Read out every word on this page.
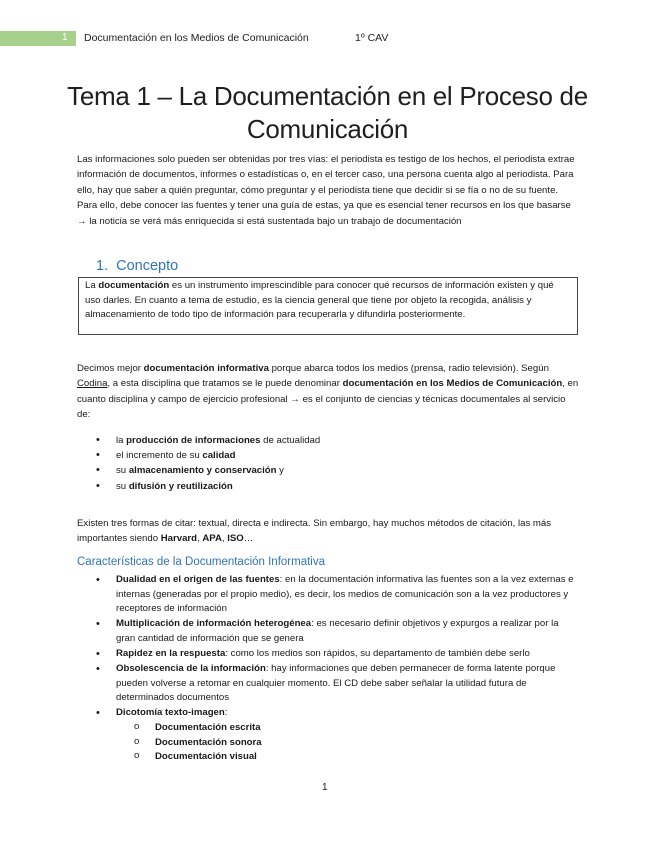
1 Documentación en los Medios de Comunicación	1º CAV
Tema 1 – La Documentación en el Proceso de Comunicación

Las informaciones solo pueden ser obtenidas por tres vías: el periodista es testigo de los hechos, el periodista extrae información de documentos, informes o estadísticas o, en el tercer caso, una persona cuenta algo al periodista. Para ello, hay que saber a quién preguntar, cómo preguntar y el periodista tiene que decidir si se fía o no de su fuente. Para ello, debe conocer las fuentes y tener una guía de estas, ya que es esencial tener recursos en los que basarse → la noticia se verá más enriquecida si está sustentada bajo un trabajo de documentación

1. Concepto

La documentación es un instrumento imprescindible para conocer qué recursos de información existen y qué uso darles. En cuanto a tema de estudio, es la ciencia general que tiene por objeto la recogida, análisis y almacenamiento de todo tipo de información para recuperarla y difundirla posteriormente.

Decimos mejor documentación informativa porque abarca todos los medios (prensa, radio televisión). Según Codina, a esta disciplina que tratamos se le puede denominar documentación en los Medios de Comunicación, en cuanto disciplina y campo de ejercicio profesional → es el conjunto de ciencias y técnicas documentales al servicio de:

• la producción de informaciones de actualidad
• el incremento de su calidad
• su almacenamiento y conservación y
• su difusión y reutilización

Existen tres formas de citar: textual, directa e indirecta. Sin embargo, hay muchos métodos de citación, las más importantes siendo Harvard, APA, ISO…

Características de la Documentación Informativa
• Dualidad en el origen de las fuentes: en la documentación informativa las fuentes son a la vez externas e internas (generadas por el propio medio), es decir, los medios de comunicación son a la vez productores y receptores de información
• Multiplicación de información heterogénea: es necesario definir objetivos y expurgos a realizar por la gran cantidad de información que se genera
• Rapidez en la respuesta: como los medios son rápidos, su departamento de también debe serlo
• Obsolescencia de la información: hay informaciones que deben permanecer de forma latente porque pueden volverse a retomar en cualquier momento. El CD debe saber señalar la utilidad futura de determinados documentos
• Dicotomía texto-imagen:
o Documentación escrita
o Documentación sonora
o Documentación visual
1
